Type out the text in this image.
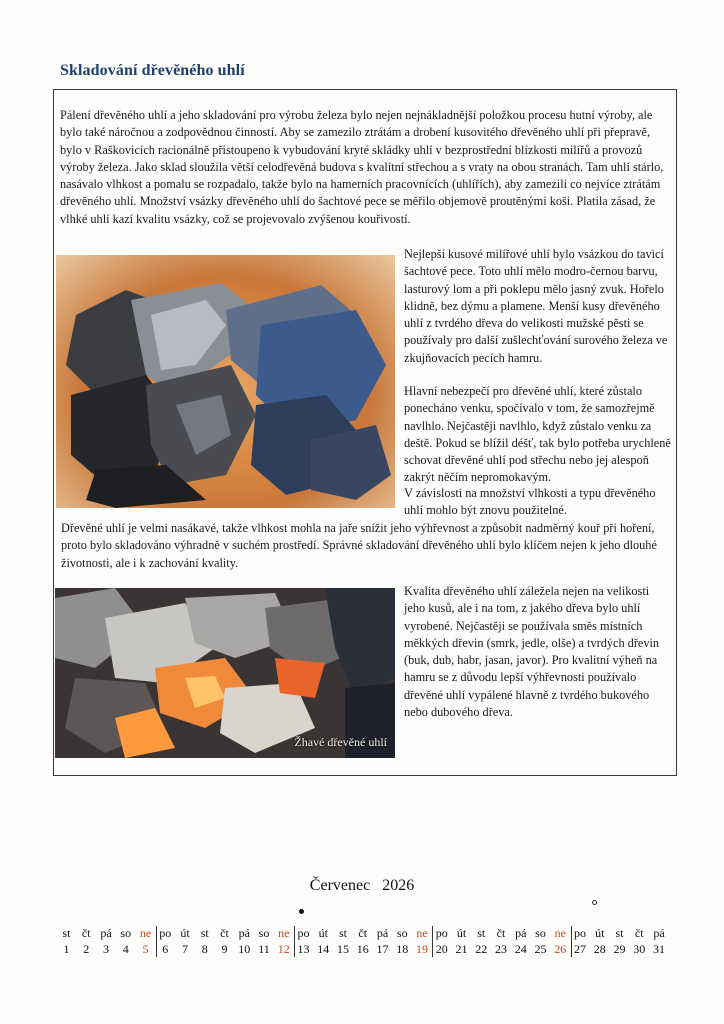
Skladování dřevěného uhlí

Pálení dřevěného uhlí a jeho skladování pro výrobu železa bylo nejen nejnákladnější položkou procesu hutní výroby, ale bylo také náročnou a zodpovědnou činností. Aby se zamezilo ztrátám a drobení kusovitého dřevěného uhlí při přepravě, bylo v Raškovicích racionálně přistoupeno k vybudování kryté skládky uhlí v bezprostřední blízkosti milířů a provozů výroby železa. Jako sklad sloužila větší celodřevěná budova s kvalitní střechou a s vraty na obou stranách. Tam uhlí stárlo, nasávalo vlhkost a pomalu se rozpadalo, takže bylo na hamerních pracovnících (uhlířích), aby zamezili co nejvíce ztrátám dřevěného uhlí. Množství vsázky dřevěného uhlí do šachtové pece se měřilo objemově proutěnými koši. Platila zásad, že vlhké uhlí kazí kvalitu vsázky, což se projevovalo zvýšenou kouřivostí.

Nejlepší kusové milířové uhlí bylo vsázkou do tavicí šachtové pece. Toto uhlí mělo modro-černou barvu, lasturový lom a při poklepu mělo jasný zvuk. Hořelo klidně, bez dýmu a plamene. Menší kusy dřevěného uhlí z tvrdého dřeva do velikosti mužské pěsti se používaly pro další zušlechťování surového železa ve zkujňovacích pecích hamru.

Hlavní nebezpečí pro dřevěné uhlí, které zůstalo ponecháno venku, spočívalo v tom, že samozřejmě navlhlo. Nejčastěji navlhlo, když zůstalo venku za deště. Pokud se blížil déšť, tak bylo potřeba urychleně schovat dřevěné uhlí pod střechu nebo jej alespoň zakrýt něčím nepromokavým.

V závislosti na množství vlhkosti a typu dřevěného uhlí mohlo být znovu použitelné.

Dřevěné uhlí je velmi nasákavé, takže vlhkost mohla na jaře snížit jeho výhřevnost a způsobit nadměrný kouř při hoření, proto bylo skladováno výhradně v suchém prostředí. Správné skladování dřevěného uhlí bylo klíčem nejen k jeho dlouhé životnosti, ale i k zachování kvality.

Žhavé dřevěné uhlí

Kvalita dřevěného uhlí záležela nejen na velikosti jeho kusů, ale i na tom, z jakého dřeva bylo uhlí vyrobené. Nejčastěji se používala směs místních měkkých dřevin (smrk, jedle, olše) a tvrdých dřevin (buk, dub, habr, jasan, javor). Pro kvalitní výheň na hamru se z důvodu lepší výhřevnosti používalo dřevěné uhlí vypálené hlavně z tvrdého bukového nebo dubového dřeva.

Červenec 2026

st
1
čt
2
pá
3
so
4
ne
5
po
6
út
7
st
8
čt
9
pá
10
so
11
ne
12
po
13
út
14
st
15
čt
16
pá
17
so
18
ne
19
po
20
út
21
st
22
čt
23
pá
24
so
25
ne
26
po
27
út
28
st
29
čt
30
pá
31
